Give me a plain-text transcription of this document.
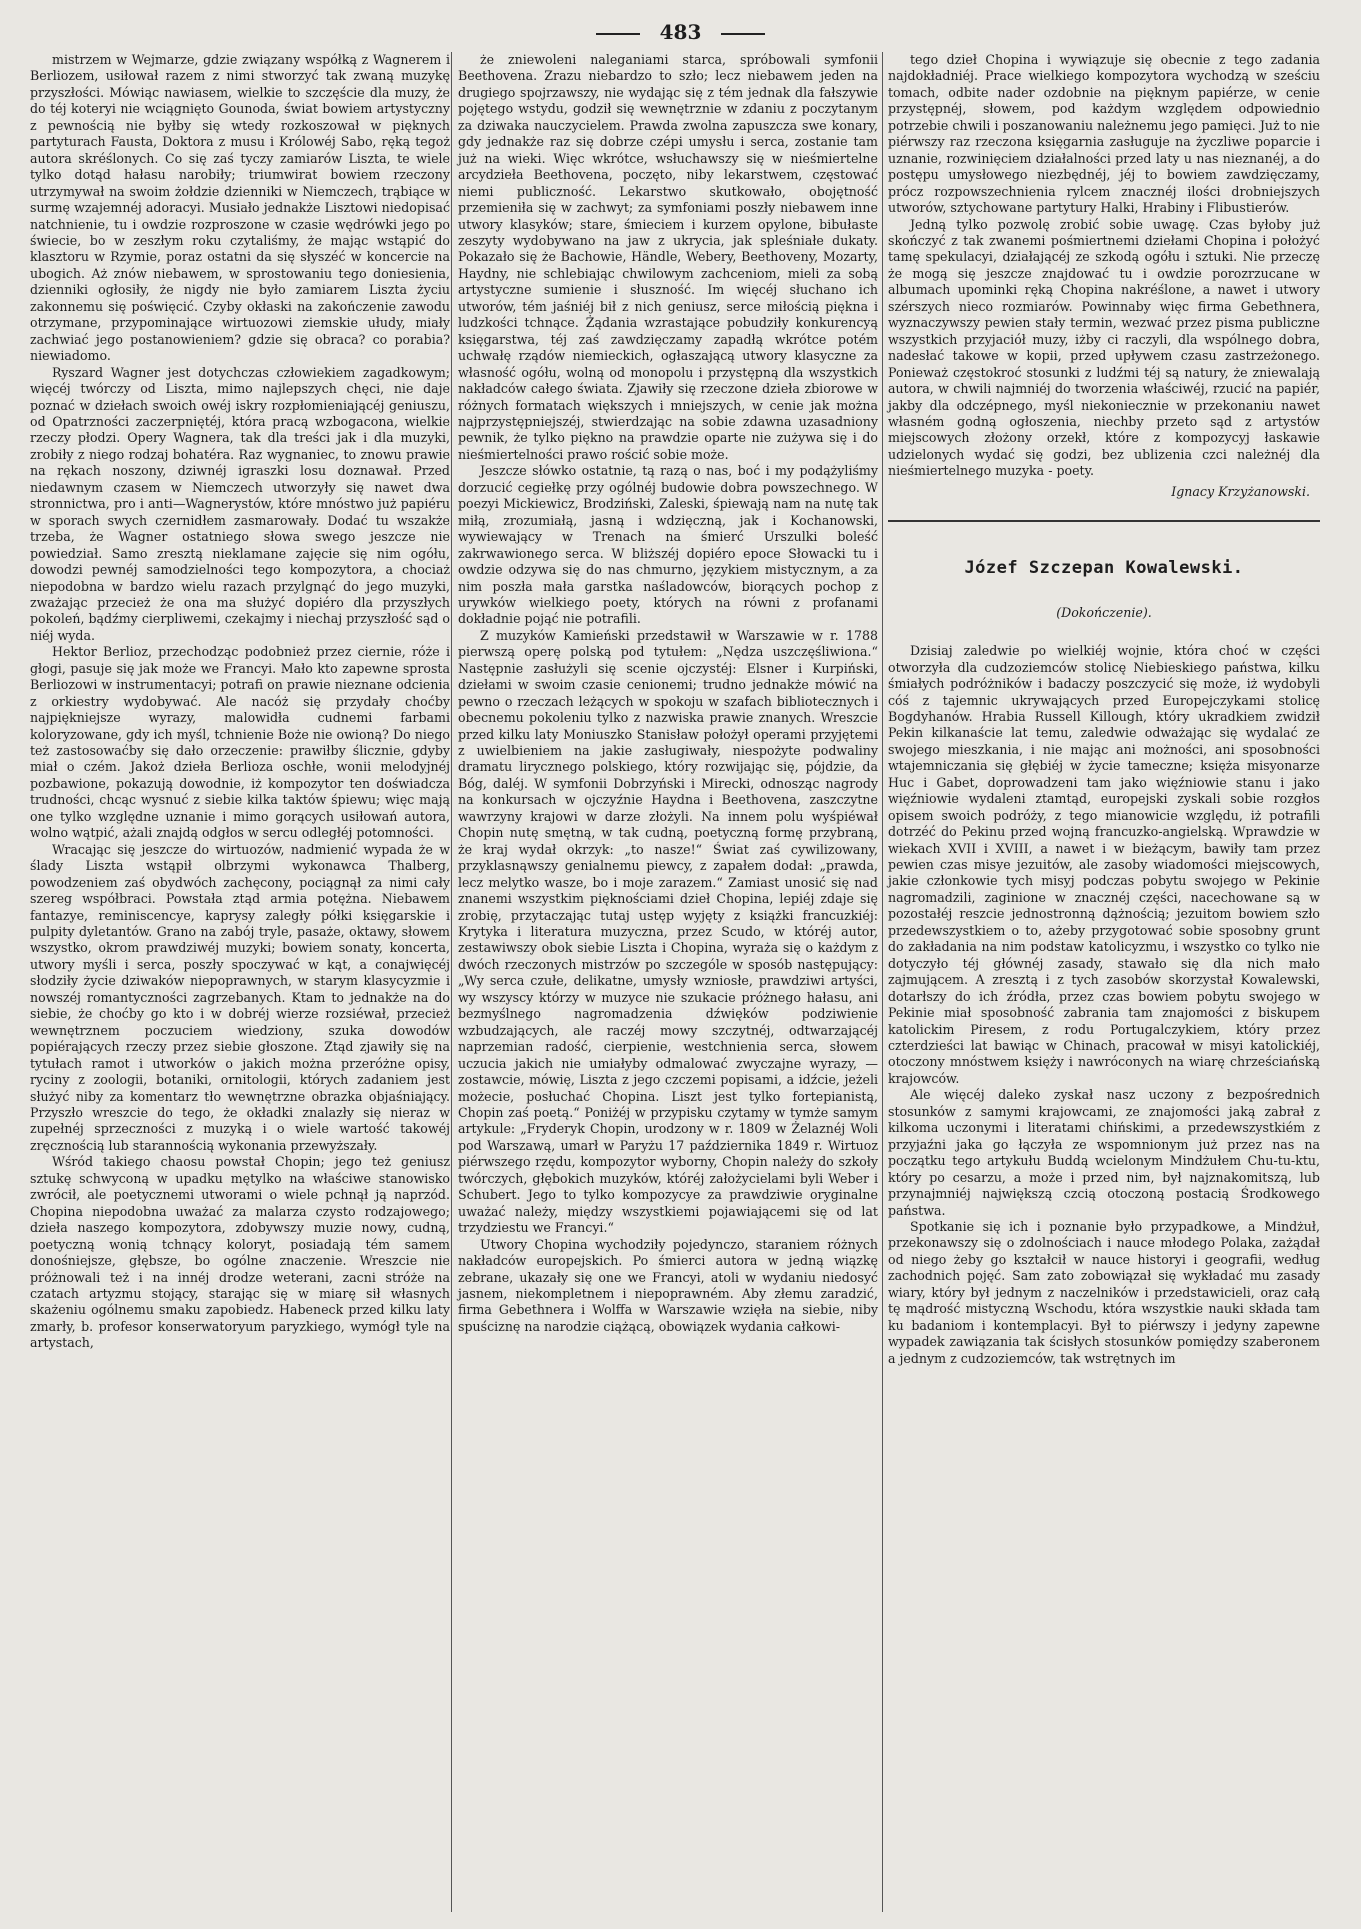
483

mistrzem w Wejmarze, gdzie związany współką z Wagnerem i Berliozem, usiłował razem z nimi stworzyć tak zwaną muzykę przyszłości. Mówiąc nawiasem, wielkie to szczęście dla muzy, że do téj koteryi nie wciągnięto Gounoda, świat bowiem artystyczny z pewnością nie byłby się wtedy rozkoszował w pięknych partyturach Fausta, Doktora z musu i Królowéj Sabo, ręką tegoż autora skréślonych. Co się zaś tyczy zamiarów Liszta, te wiele tylko dotąd hałasu narobiły; triumwirat bowiem rzeczony utrzymywał na swoim żołdzie dzienniki w Niemczech, trąbiące w surmę wzajemnéj adoracyi. Musiało jednakże Lisztowi niedopisać natchnienie, tu i owdzie rozproszone w czasie wędrówki jego po świecie, bo w zeszłym roku czytaliśmy, że mając wstąpić do klasztoru w Rzymie, poraz ostatni da się słyszéć w koncercie na ubogich. Aż znów niebawem, w sprostowaniu tego doniesienia, dzienniki ogłosiły, że nigdy nie było zamiarem Liszta życiu zakonnemu się poświęcić. Czyby okłaski na zakończenie zawodu otrzymane, przypominające wirtuozowi ziemskie ułudy, miały zachwiać jego postanowieniem? gdzie się obraca? co porabia? niewiadomo.

Ryszard Wagner jest dotychczas człowiekiem zagadkowym; więcéj twórczy od Liszta, mimo najlepszych chęci, nie daje poznać w dziełach swoich owéj iskry rozpłomieniającéj geniuszu, od Opatrzności zaczerpniętéj, która pracą wzbogacona, wielkie rzeczy płodzi. Opery Wagnera, tak dla treści jak i dla muzyki, zrobiły z niego rodzaj bohatéra. Raz wygnaniec, to znowu prawie na rękach noszony, dziwnéj igraszki losu doznawał. Przed niedawnym czasem w Niemczech utworzyły się nawet dwa stronnictwa, pro i anti—Wagnerystów, które mnóstwo już papiéru w sporach swych czernidłem zasmarowały. Dodać tu wszakże trzeba, że Wagner ostatniego słowa swego jeszcze nie powiedział. Samo zresztą nieklamane zajęcie się nim ogółu, dowodzi pewnéj samodzielności tego kompozytora, a chociaż niepodobna w bardzo wielu razach przylgnąć do jego muzyki, zważając przecież że ona ma służyć dopiéro dla przyszłych pokoleń, bądźmy cierpliwemi, czekajmy i niechaj przyszłość sąd o niéj wyda.

Hektor Berlioz, przechodząc podobnież przez ciernie, róże i głogi, pasuje się jak może we Francyi. Mało kto zapewne sprosta Berliozowi w instrumentacyi; potrafi on prawie nieznane odcienia z orkiestry wydobywać. Ale nacóż się przydały choćby najpiękniejsze wyrazy, malowidła cudnemi farbami koloryzowane, gdy ich myśl, tchnienie Boże nie owioną? Do niego też zastosowaćby się dało orzeczenie: prawiłby ślicznie, gdyby miał o czém. Jakoż dzieła Berlioza oschłe, wonii melodyjnéj pozbawione, pokazują dowodnie, iż kompozytor ten doświadcza trudności, chcąc wysnuć z siebie kilka taktów śpiewu; więc mają one tylko względne uznanie i mimo gorących usiłowań autora, wolno wątpić, ażali znajdą odgłos w sercu odległéj potomności.

Wracając się jeszcze do wirtuozów, nadmienić wypada że w ślady Liszta wstąpił olbrzymi wykonawca Thalberg, powodzeniem zaś obydwóch zachęcony, pociągnął za nimi cały szereg współbraci. Powstała ztąd armia potężna. Niebawem fantazye, reminiscencye, kaprysy zaległy półki księgarskie i pulpity dyletantów. Grano na zabój tryle, pasaże, oktawy, słowem wszystko, okrom prawdziwéj muzyki; bowiem sonaty, koncerta, utwory myśli i serca, poszły spoczywać w kąt, a conajwięcéj słodziły życie dziwaków niepoprawnych, w starym klasycyzmie i nowszéj romantyczności zagrzebanych. Ktam to jednakże na do siebie, że choćby go kto i w dobréj wierze rozsiéwał, przecież wewnętrznem poczuciem wiedziony, szuka dowodów popiérających rzeczy przez siebie głoszone. Ztąd zjawiły się na tytułach ramot i utworków o jakich można przeróżne opisy, ryciny z zoologii, botaniki, ornitologii, których zadaniem jest służyć niby za komentarz tło wewnętrzne obrazka objaśniający. Przyszło wreszcie do tego, że okładki znalazły się nieraz w zupełnéj sprzeczności z muzyką i o wiele wartość takowéj zręcznością lub starannością wykonania przewyższały.

Wśród takiego chaosu powstał Chopin; jego też geniusz sztukę schwyconą w upadku mętylko na właściwe stanowisko zwrócił, ale poetycznemi utworami o wiele pchnął ją naprzód. Chopina niepodobna uważać za malarza czysto rodzajowego; dzieła naszego kompozytora, zdobywszy muzie nowy, cudną, poetyczną wonią tchnący koloryt, posiadają tém samem donośniejsze, głębsze, bo ogólne znaczenie. Wreszcie nie próżnowali też i na innéj drodze weterani, zacni stróże na czatach artyzmu stojący, starając się w miarę sił własnych skażeniu ogólnemu smaku zapobiedz. Habeneck przed kilku laty zmarły, b. profesor konserwatoryum paryzkiego, wymógł tyle na artystach,

że zniewoleni naleganiami starca, spróbowali symfonii Beethovena. Zrazu niebardzo to szło; lecz niebawem jeden na drugiego spojrzawszy, nie wydając się z tém jednak dla fałszywie pojętego wstydu, godził się wewnętrznie w zdaniu z poczytanym za dziwaka nauczycielem. Prawda zwolna zapuszcza swe konary, gdy jednakże raz się dobrze czépi umysłu i serca, zostanie tam już na wieki. Więc wkrótce, wsłuchawszy się w nieśmiertelne arcydzieła Beethovena, poczęto, niby lekarstwem, częstować niemi publiczność. Lekarstwo skutkowało, obojętność przemieniła się w zachwyt; za symfoniami poszły niebawem inne utwory klasyków; stare, śmieciem i kurzem opylone, bibułaste zeszyty wydobywano na jaw z ukrycia, jak spleśniałe dukaty. Pokazało się że Bachowie, Händle, Webery, Beethoveny, Mozarty, Haydny, nie schlebiając chwilowym zachceniom, mieli za sobą artystyczne sumienie i słuszność. Im więcéj słuchano ich utworów, tém jaśniéj bił z nich geniusz, serce miłością piękna i ludzkości tchnące. Żądania wzrastające pobudziły konkurencyą księgarstwa, téj zaś zawdzięczamy zapadłą wkrótce potém uchwałę rządów niemieckich, ogłaszającą utwory klasyczne za własność ogółu, wolną od monopolu i przystępną dla wszystkich nakładców całego świata. Zjawiły się rzeczone dzieła zbiorowe w różnych formatach większych i mniejszych, w cenie jak można najprzystępniejszéj, stwierdzając na sobie zdawna uzasadniony pewnik, że tylko piękno na prawdzie oparte nie zużywa się i do nieśmiertelności prawo rościć sobie może.

Jeszcze słówko ostatnie, tą razą o nas, boć i my podążyliśmy dorzucić cegiełkę przy ogólnéj budowie dobra powszechnego. W poezyi Mickiewicz, Brodziński, Zaleski, śpiewają nam na nutę tak miłą, zrozumiałą, jasną i wdzięczną, jak i Kochanowski, wywiewający w Trenach na śmierć Urszulki boleść zakrwawionego serca. W bliższéj dopiéro epoce Słowacki tu i owdzie odzywa się do nas chmurno, językiem mistycznym, a za nim poszła mała garstka naśladowców, biorących pochop z urywków wielkiego poety, których na równi z profanami dokładnie pojąć nie potrafili.

Z muzyków Kamieński przedstawił w Warszawie w r. 1788 pierwszą operę polską pod tytułem: „Nędza uszczęśliwiona.“ Następnie zasłużyli się scenie ojczystéj: Elsner i Kurpiński, dziełami w swoim czasie cenionemi; trudno jednakże mówić na pewno o rzeczach leżących w spokoju w szafach bibliotecznych i obecnemu pokoleniu tylko z nazwiska prawie znanych. Wreszcie przed kilku laty Moniuszko Stanisław położył operami przyjętemi z uwielbieniem na jakie zasługiwały, niespożyte podwaliny dramatu lirycznego polskiego, który rozwijając się, pójdzie, da Bóg, daléj. W symfonii Dobrzyński i Mirecki, odnosząc nagrody na konkursach w ojczyźnie Haydna i Beethovena, zaszczytne wawrzyny krajowi w darze złożyli. Na innem polu wyśpiéwał Chopin nutę smętną, w tak cudną, poetyczną formę przybraną, że kraj wydał okrzyk: „to nasze!“ Świat zaś cywilizowany, przyklasnąwszy genialnemu piewcy, z zapałem dodał: „prawda, lecz melytko wasze, bo i moje zarazem.“ Zamiast unosić się nad znanemi wszystkim pięknościami dzieł Chopina, lepiéj zdaje się zrobię, przytaczając tutaj ustęp wyjęty z książki francuzkiéj: Krytyka i literatura muzyczna, przez Scudo, w któréj autor, zestawiwszy obok siebie Liszta i Chopina, wyraża się o każdym z dwóch rzeczonych mistrzów po szczególe w sposób następujący: „Wy serca czułe, delikatne, umysły wzniosłe, prawdziwi artyści, wy wszyscy którzy w muzyce nie szukacie próżnego hałasu, ani bezmyślnego nagromadzenia dźwięków podziwienie wzbudzających, ale raczéj mowy szczytnéj, odtwarzającéj naprzemian radość, cierpienie, westchnienia serca, słowem uczucia jakich nie umiałyby odmalować zwyczajne wyrazy, — zostawcie, mówię, Liszta z jego czczemi popisami, a idźcie, jeżeli możecie, posłuchać Chopina. Liszt jest tylko fortepianistą, Chopin zaś poetą.“ Poniżéj w przypisku czytamy w tymże samym artykule: „Fryderyk Chopin, urodzony w r. 1809 w Żelaznéj Woli pod Warszawą, umarł w Paryżu 17 października 1849 r. Wirtuoz piérwszego rzędu, kompozytor wyborny, Chopin należy do szkoły twórczych, głębokich muzyków, któréj założycielami byli Weber i Schubert. Jego to tylko kompozycye za prawdziwie oryginalne uważać należy, między wszystkiemi pojawiającemi się od lat trzydziestu we Francyi.“

Utwory Chopina wychodziły pojedynczo, staraniem różnych nakładców europejskich. Po śmierci autora w jedną wiązkę zebrane, ukazały się one we Francyi, atoli w wydaniu niedosyć jasnem, niekompletnem i niepoprawném. Aby złemu zaradzić, firma Gebethnera i Wolffa w Warszawie wzięła na siebie, niby spuściznę na narodzie ciążącą, obowiązek wydania całkowi-

tego dzieł Chopina i wywiązuje się obecnie z tego zadania najdokładniéj. Prace wielkiego kompozytora wychodzą w sześciu tomach, odbite nader ozdobnie na pięknym papiérze, w cenie przystępnéj, słowem, pod każdym względem odpowiednio potrzebie chwili i poszanowaniu należnemu jego pamięci. Już to nie piérwszy raz rzeczona księgarnia zasługuje na życzliwe poparcie i uznanie, rozwinięciem działalności przed laty u nas nieznanéj, a do postępu umysłowego niezbędnéj, jéj to bowiem zawdzięczamy, prócz rozpowszechnienia rylcem znacznéj ilości drobniejszych utworów, sztychowane partytury Halki, Hrabiny i Flibustierów.

Jedną tylko pozwolę zrobić sobie uwagę. Czas byłoby już skończyć z tak zwanemi pośmiertnemi dziełami Chopina i położyć tamę spekulacyi, działającéj ze szkodą ogółu i sztuki. Nie przeczę że mogą się jeszcze znajdować tu i owdzie porozrzucane w albumach upominki ręką Chopina nakréślone, a nawet i utwory szérszych nieco rozmiarów. Powinnaby więc firma Gebethnera, wyznaczywszy pewien stały termin, wezwać przez pisma publiczne wszystkich przyjaciół muzy, iżby ci raczyli, dla wspólnego dobra, nadesłać takowe w kopii, przed upływem czasu zastrzeżonego. Ponieważ częstokroć stosunki z ludźmi téj są natury, że zniewalają autora, w chwili najmniéj do tworzenia właściwéj, rzucić na papiér, jakby dla odczépnego, myśl niekoniecznie w przekonaniu nawet własném godną ogłoszenia, niechby przeto sąd z artystów miejscowych złożony orzekł, które z kompozycyj łaskawie udzielonych wydać się godzi, bez ublizenia czci należnéj dla nieśmiertelnego muzyka - poety.

Ignacy Krzyżanowski.

Józef Szczepan Kowalewski.

(Dokończenie).

Dzisiaj zaledwie po wielkiéj wojnie, która choć w części otworzyła dla cudzoziemców stolicę Niebieskiego państwa, kilku śmiałych podróżników i badaczy poszczycić się może, iż wydobyli cóś z tajemnic ukrywających przed Europejczykami stolicę Bogdyhanów. Hrabia Russell Killough, który ukradkiem zwidził Pekin kilkanaście lat temu, zaledwie odważając się wydalać ze swojego mieszkania, i nie mając ani możności, ani sposobności wtajemniczania się głębiéj w życie tameczne; księża misyonarze Huc i Gabet, doprowadzeni tam jako więźniowie stanu i jako więźniowie wydaleni ztamtąd, europejski zyskali sobie rozgłos opisem swoich podróży, z tego mianowicie względu, iż potrafili dotrzéć do Pekinu przed wojną francuzko-angielską. Wprawdzie w wiekach XVII i XVIII, a nawet i w bieżącym, bawiły tam przez pewien czas misye jezuitów, ale zasoby wiadomości miejscowych, jakie członkowie tych misyj podczas pobytu swojego w Pekinie nagromadzili, zaginione w znacznéj części, nacechowane są w pozostałéj reszcie jednostronną dążnością; jezuitom bowiem szło przedewszystkiem o to, ażeby przygotować sobie sposobny grunt do zakładania na nim podstaw katolicyzmu, i wszystko co tylko nie dotyczyło téj głównéj zasady, stawało się dla nich mało zajmującem. A zresztą i z tych zasobów skorzystał Kowalewski, dotarłszy do ich źródła, przez czas bowiem pobytu swojego w Pekinie miał sposobność zabrania tam znajomości z biskupem katolickim Piresem, z rodu Portugalczykiem, który przez czterdzieści lat bawiąc w Chinach, pracował w misyi katolickiéj, otoczony mnóstwem księży i nawróconych na wiarę chrześciańską krajowców.

Ale więcéj daleko zyskał nasz uczony z bezpośrednich stosunków z samymi krajowcami, ze znajomości jaką zabrał z kilkoma uczonymi i literatami chińskimi, a przedewszystkiém z przyjaźni jaka go łączyła ze wspomnionym już przez nas na początku tego artykułu Buddą wcielonym Mindżułem Chu-tu-ktu, który po cesarzu, a może i przed nim, był najznakomitszą, lub przynajmniéj największą czcią otoczoną postacią Środkowego państwa.

Spotkanie się ich i poznanie było przypadkowe, a Mindżuł, przekonawszy się o zdolnościach i nauce młodego Polaka, zażądał od niego żeby go kształcił w nauce historyi i geografii, według zachodnich pojęć. Sam zato zobowiązał się wykładać mu zasady wiary, który był jednym z naczelników i przedstawicieli, oraz całą tę mądrość mistyczną Wschodu, która wszystkie nauki składa tam ku badaniom i kontemplacyi. Był to piérwszy i jedyny zapewne wypadek zawiązania tak ścisłych stosunków pomiędzy szaberonem a jednym z cudzoziemców, tak wstrętnych im
